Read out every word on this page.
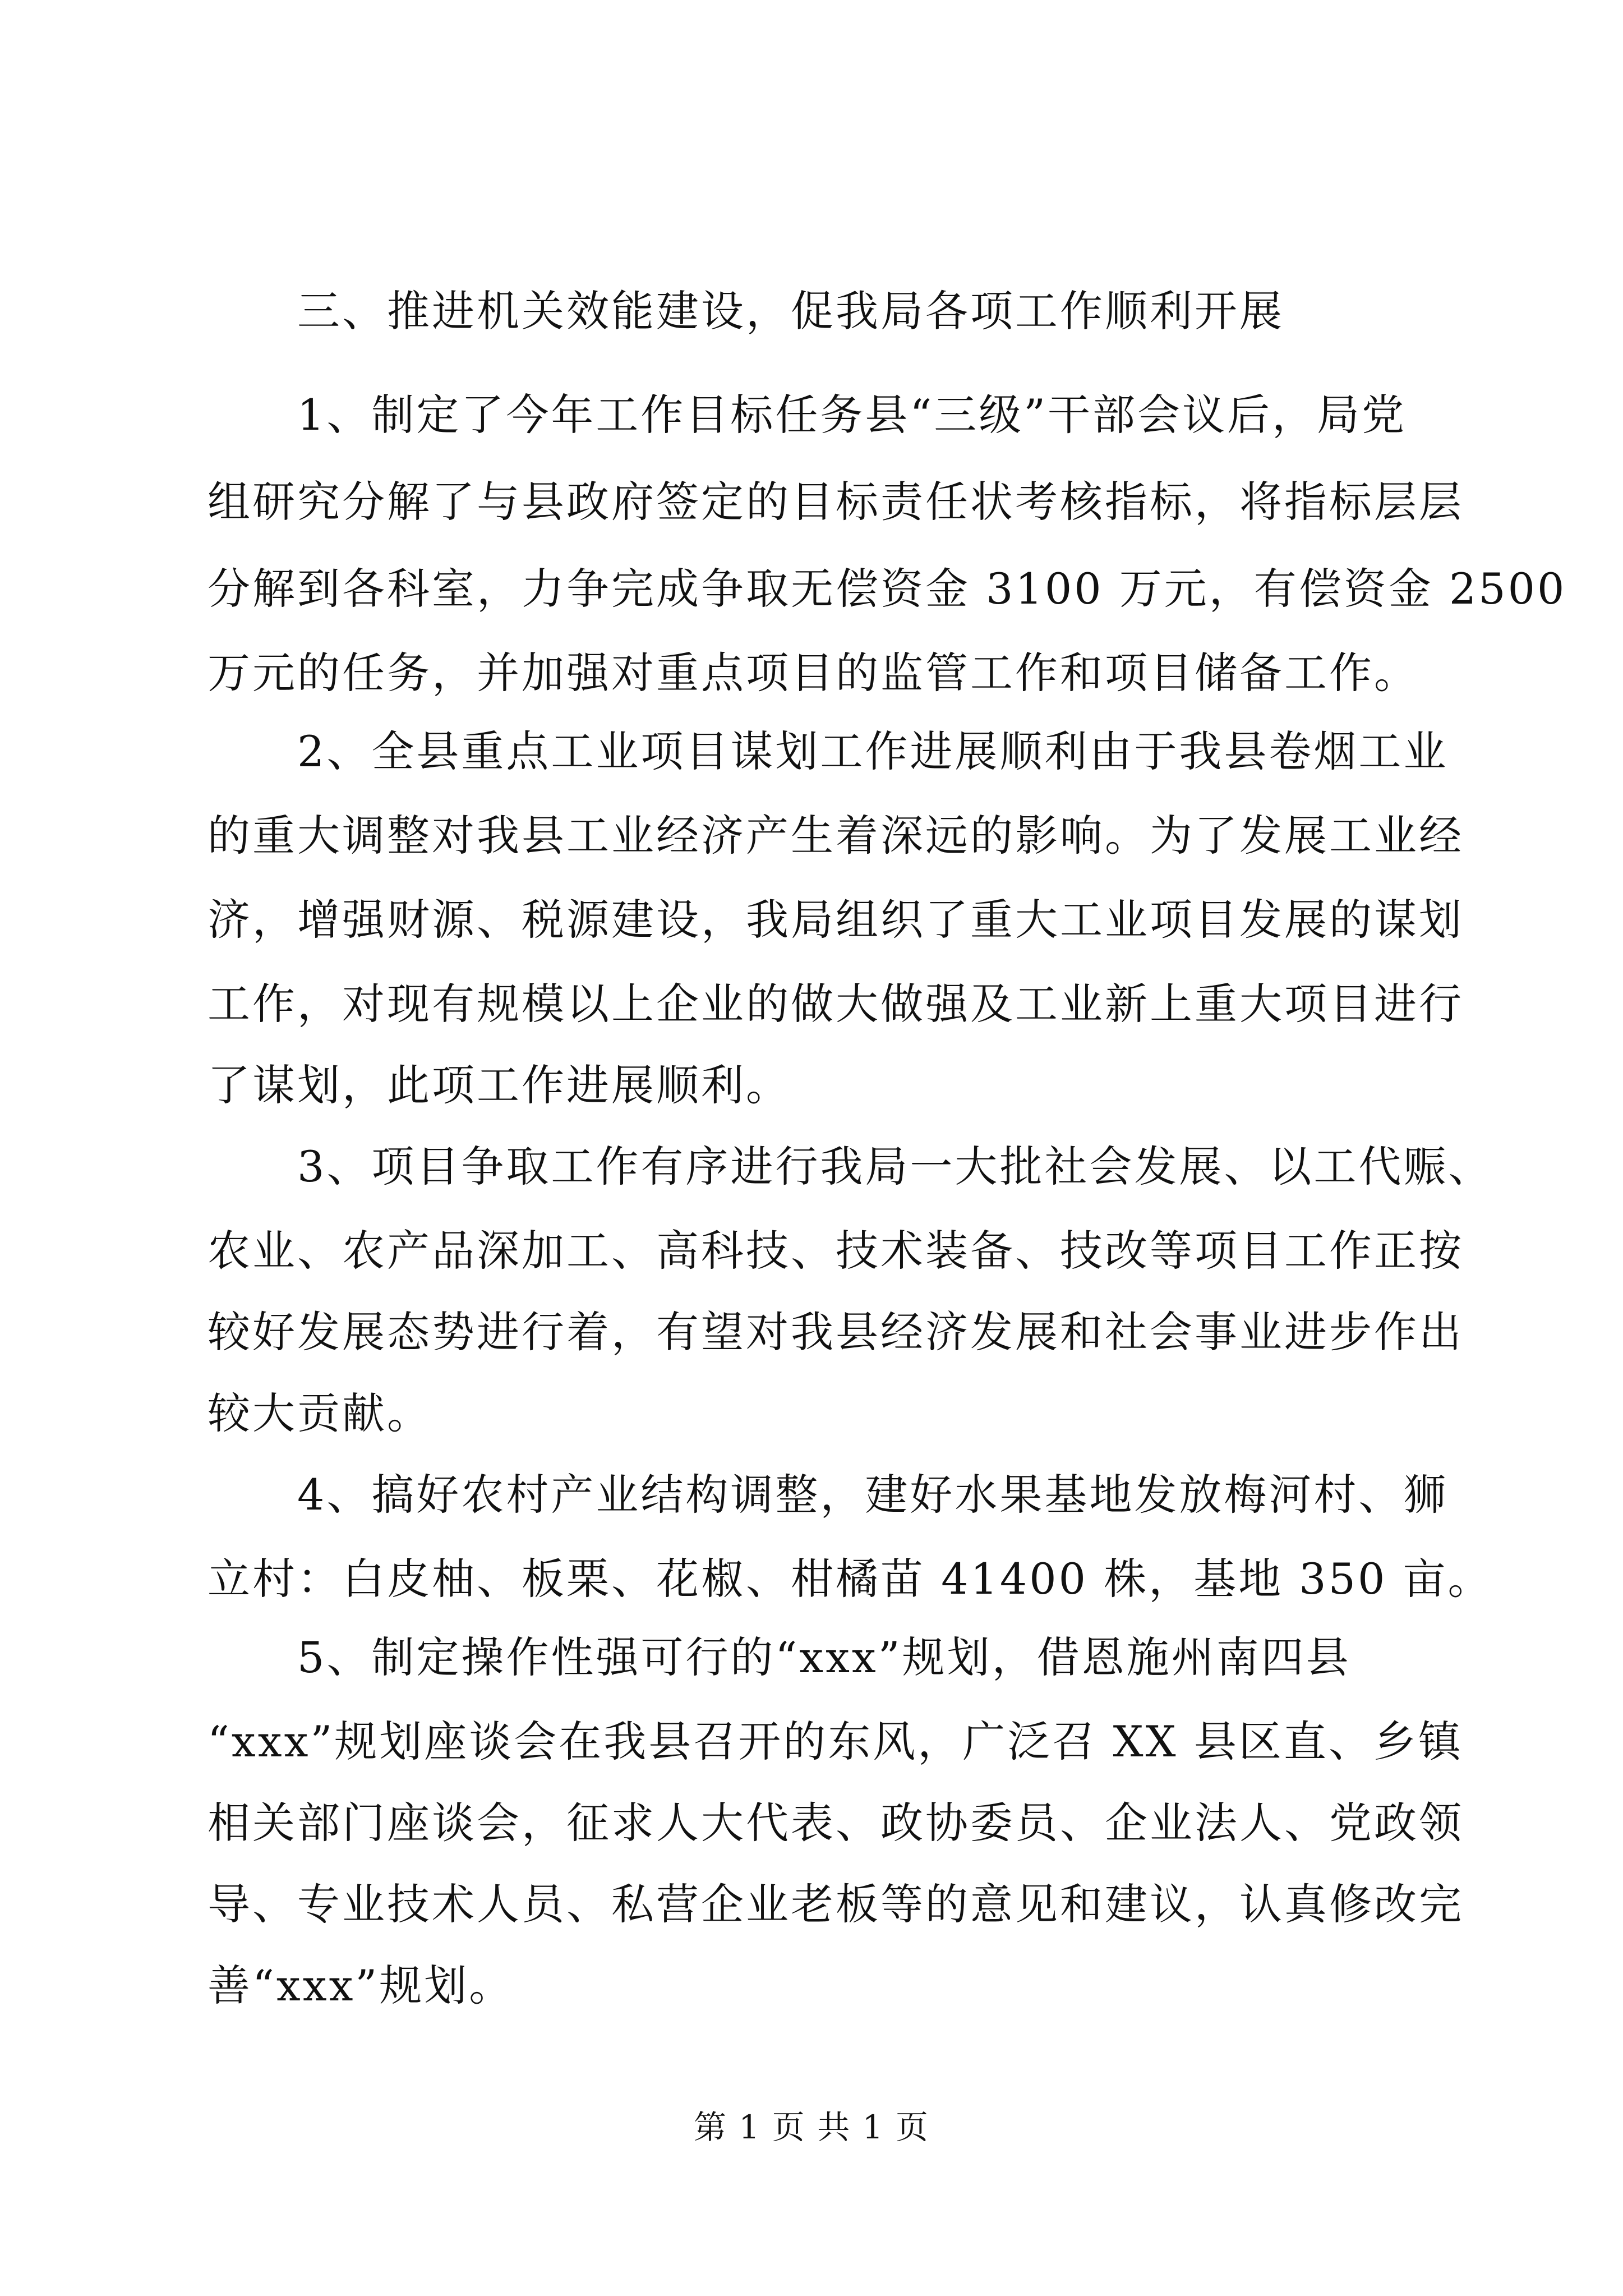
三、推进机关效能建设，促我局各项工作顺利开展

1、制定了今年工作目标任务县“三级”干部会议后，局党

组研究分解了与县政府签定的目标责任状考核指标，将指标层层

分解到各科室，力争完成争取无偿资金 3100 万元，有偿资金 2500

万元的任务，并加强对重点项目的监管工作和项目储备工作。

2、全县重点工业项目谋划工作进展顺利由于我县卷烟工业

的重大调整对我县工业经济产生着深远的影响。为了发展工业经

济，增强财源、税源建设，我局组织了重大工业项目发展的谋划

工作，对现有规模以上企业的做大做强及工业新上重大项目进行

了谋划，此项工作进展顺利。

3、项目争取工作有序进行我局一大批社会发展、以工代赈、

农业、农产品深加工、高科技、技术装备、技改等项目工作正按

较好发展态势进行着，有望对我县经济发展和社会事业进步作出

较大贡献。

4、搞好农村产业结构调整，建好水果基地发放梅河村、狮

立村：白皮柚、板栗、花椒、柑橘苗 41400 株，基地 350 亩。

5、制定操作性强可行的“xxx”规划，借恩施州南四县

“xxx”规划座谈会在我县召开的东风，广泛召 XX 县区直、乡镇

相关部门座谈会，征求人大代表、政协委员、企业法人、党政领

导、专业技术人员、私营企业老板等的意见和建议，认真修改完

善“xxx”规划。

第 1 页 共 1 页
